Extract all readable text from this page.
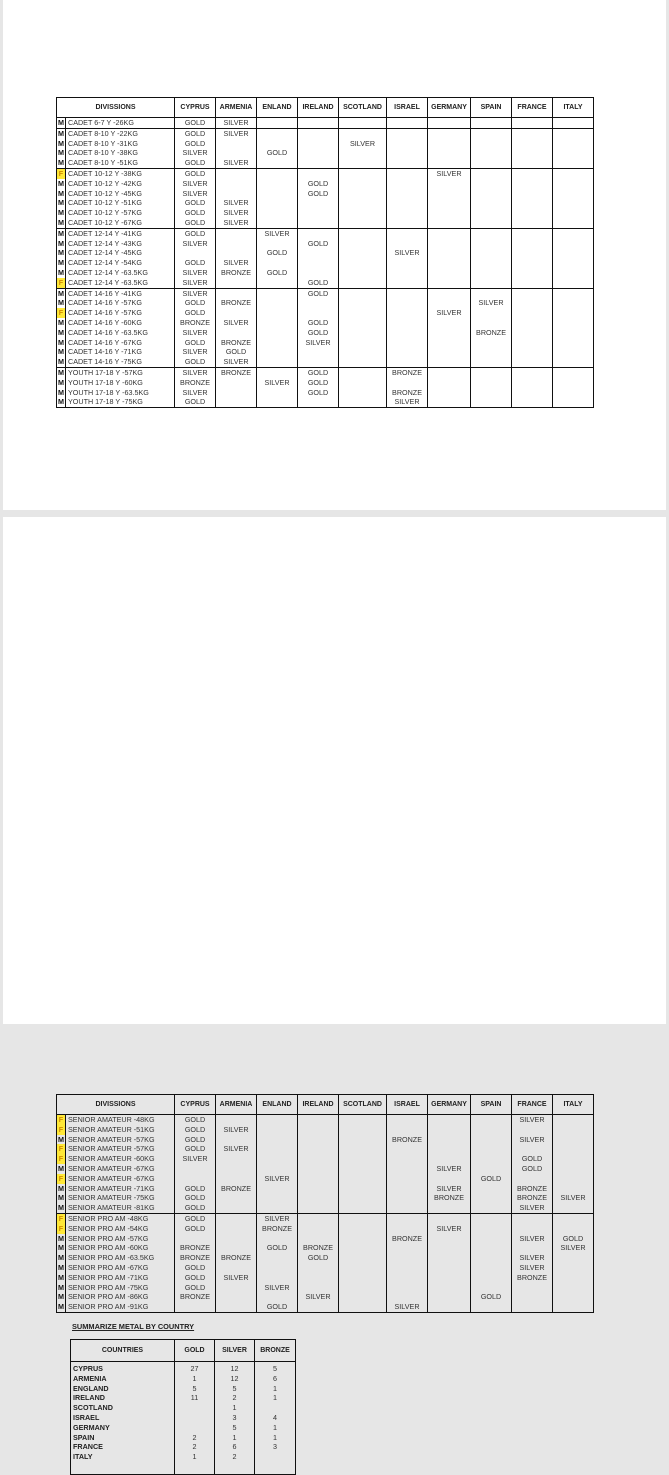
DIVISSIONS		CYPRUS	ARMENIA	ENLAND	IRELAND	SCOTLAND	ISRAEL	GERMANY	SPAIN	FRANCE	ITALY
M	CADET 6-7 Y -26KG	GOLD	SILVER								
M	CADET 8-10 Y -22KG	GOLD	SILVER								
M	CADET 8-10 Y -31KG	GOLD				SILVER					
M	CADET 8-10 Y -38KG	SILVER		GOLD							
M	CADET 8-10 Y -51KG	GOLD	SILVER								
F	CADET 10-12 Y -38KG	GOLD						SILVER			
M	CADET 10-12 Y -42KG	SILVER			GOLD						
M	CADET 10-12 Y -45KG	SILVER			GOLD						
M	CADET 10-12 Y -51KG	GOLD	SILVER								
M	CADET 10-12 Y -57KG	GOLD	SILVER								
M	CADET 10-12 Y -67KG	GOLD	SILVER								
M	CADET 12-14 Y -41KG	GOLD		SILVER							
M	CADET 12-14 Y -43KG	SILVER			GOLD						
M	CADET 12-14 Y -45KG			GOLD			SILVER				
M	CADET 12-14 Y -54KG	GOLD	SILVER								
M	CADET 12-14 Y -63.5KG	SILVER	BRONZE	GOLD							
F	CADET 12-14 Y -63.5KG	SILVER			GOLD						
M	CADET 14-16 Y -41KG	SILVER			GOLD						
M	CADET 14-16 Y -57KG	GOLD	BRONZE						SILVER		
F	CADET 14-16 Y -57KG	GOLD						SILVER			
M	CADET 14-16 Y -60KG	BRONZE	SILVER		GOLD						
M	CADET 14-16 Y -63.5KG	SILVER			GOLD				BRONZE		
M	CADET 14-16 Y -67KG	GOLD	BRONZE		SILVER						
M	CADET 14-16 Y -71KG	SILVER	GOLD								
M	CADET 14-16 Y -75KG	GOLD	SILVER								
M	YOUTH 17-18 Y -57KG	SILVER	BRONZE		GOLD		BRONZE				
M	YOUTH 17-18 Y -60KG	BRONZE		SILVER	GOLD						
M	YOUTH 17-18 Y -63.5KG	SILVER			GOLD		BRONZE				
M	YOUTH 17-18 Y -75KG	GOLD					SILVER				
DIVISSIONS		CYPRUS	ARMENIA	ENLAND	IRELAND	SCOTLAND	ISRAEL	GERMANY	SPAIN	FRANCE	ITALY
F	SENIOR AMATEUR -48KG	GOLD								SILVER	
F	SENIOR AMATEUR -51KG	GOLD	SILVER								
M	SENIOR AMATEUR -57KG	GOLD					BRONZE			SILVER	
F	SENIOR AMATEUR -57KG	GOLD	SILVER								
F	SENIOR AMATEUR -60KG	SILVER								GOLD	
M	SENIOR AMATEUR -67KG							SILVER		GOLD	
F	SENIOR AMATEUR -67KG			SILVER					GOLD		
M	SENIOR AMATEUR -71KG	GOLD	BRONZE					SILVER		BRONZE	
M	SENIOR AMATEUR -75KG	GOLD						BRONZE		BRONZE	SILVER
M	SENIOR AMATEUR -81KG	GOLD								SILVER	
F	SENIOR PRO AM -48KG	GOLD		SILVER							
F	SENIOR PRO AM -54KG	GOLD		BRONZE				SILVER			
M	SENIOR PRO AM -57KG						BRONZE			SILVER	GOLD
M	SENIOR PRO AM -60KG	BRONZE		GOLD	BRONZE						SILVER
M	SENIOR PRO AM -63.5KG	BRONZE	BRONZE		GOLD					SILVER	
M	SENIOR PRO AM -67KG	GOLD								SILVER	
M	SENIOR PRO AM -71KG	GOLD	SILVER							BRONZE	
M	SENIOR PRO AM -75KG	GOLD		SILVER							
M	SENIOR PRO AM -86KG	BRONZE			SILVER				GOLD		
M	SENIOR PRO AM -91KG			GOLD			SILVER				
SUMMARIZE METAL BY COUNTRY
COUNTRIES	GOLD	SILVER	BRONZE
CYPRUS	27	12	5
ARMENIA	1	12	6
ENGLAND	5	5	1
IRELAND	11	2	1
SCOTLAND		1	
ISRAEL		3	4
GERMANY		5	1
SPAIN	2	1	1
FRANCE	2	6	3
ITALY	1	2	
